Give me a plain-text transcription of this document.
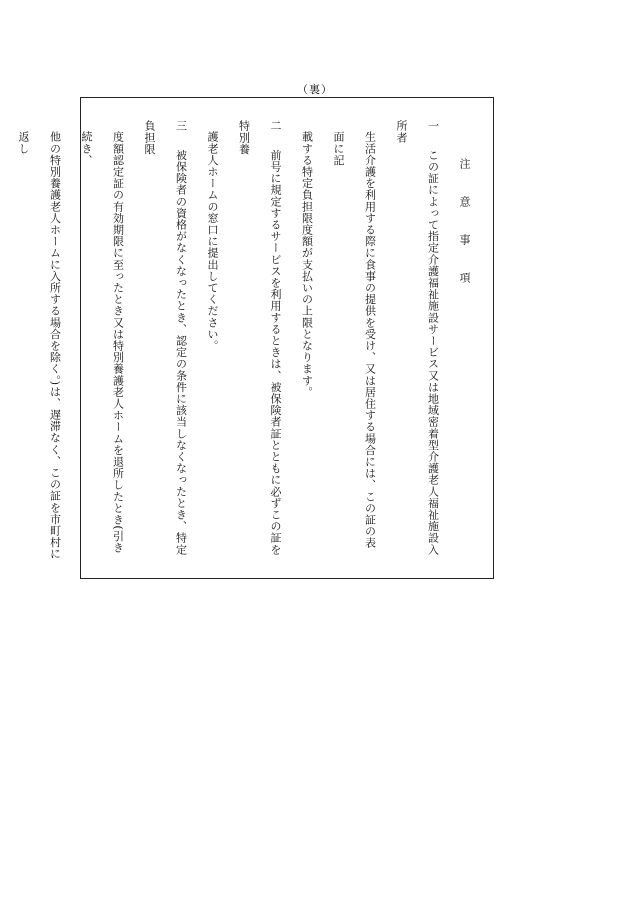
（裏）
注　意　事　項
一　この証によって指定介護福祉施設サービス又は地域密着型介護老人福祉施設入所者
生活介護を利用する際に食事の提供を受け、又は居住する場合には、この証の表面に記
載する特定負担限度額が支払いの上限となります。
二　前号に規定するサービスを利用するときは、被保険者証とともに必ずこの証を特別養
護老人ホームの窓口に提出してください。
三　被保険者の資格がなくなったとき、認定の条件に該当しなくなったとき、特定負担限
度額認定証の有効期限に至ったとき又は特別養護老人ホームを退所したとき(引き続き、
他の特別養護老人ホームに入所する場合を除く。)は、遅滞なく、この証を市町村に返し
